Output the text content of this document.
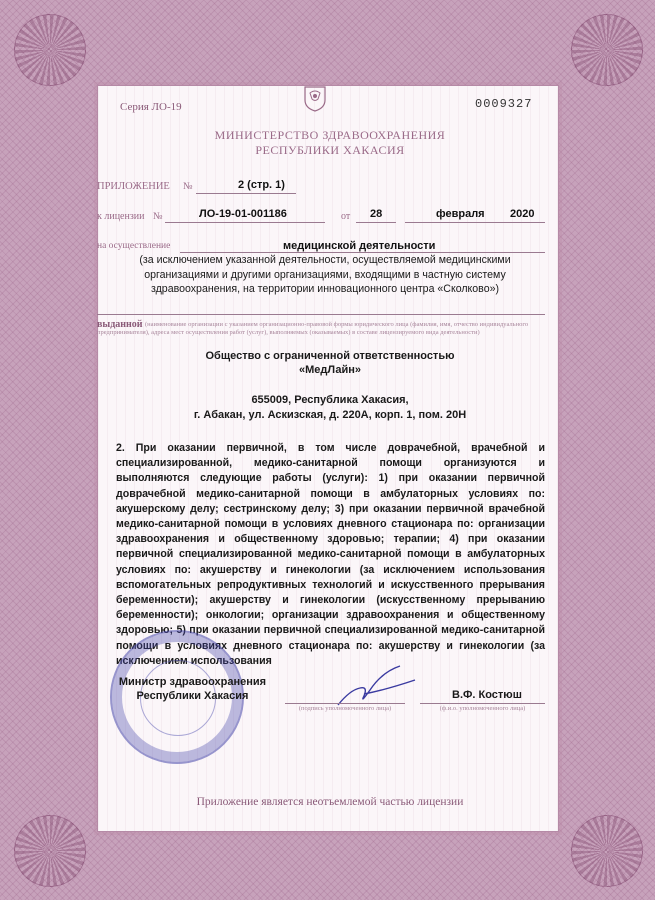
Серия ЛО-19	0009327
МИНИСТЕРСТВО ЗДРАВООХРАНЕНИЯ
РЕСПУБЛИКИ ХАКАСИЯ
ПРИЛОЖЕНИЕ №	2 (стр. 1)
к лицензии №	ЛО-19-01-001186	от 28	февраля 2020
на осуществление	медицинской деятельности
(за исключением указанной деятельности, осуществляемой медицинскими организациями и другими организациями, входящими в частную систему здравоохранения, на территории инновационного центра «Сколково»)
выданной (наименование организации с указанием организационно-правовой формы юридического лица (фамилия, имя, отчество индивидуального предпринимателя), адреса мест осуществления работ (услуг), выполняемых (оказываемых) в составе лицензируемого вида деятельности)
Общество с ограниченной ответственностью
«МедЛайн»
655009, Республика Хакасия,
г. Абакан, ул. Аскизская, д. 220А, корп. 1, пом. 20Н
2. При оказании первичной, в том числе доврачебной, врачебной и специализированной, медико-санитарной помощи организуются и выполняются следующие работы (услуги): 1) при оказании первичной доврачебной медико-санитарной помощи в амбулаторных условиях по: акушерскому делу; сестринскому делу; 3) при оказании первичной врачебной медико-санитарной помощи в условиях дневного стационара по: организации здравоохранения и общественному здоровью; терапии; 4) при оказании первичной специализированной медико-санитарной помощи в амбулаторных условиях по: акушерству и гинекологии (за исключением использования вспомогательных репродуктивных технологий и искусственного прерывания беременности); акушерству и гинекологии (искусственному прерыванию беременности); онкологии; организации здравоохранения и общественному здоровью; 5) при оказании первичной специализированной медико-санитарной помощи в условиях дневного стационара по: акушерству и гинекологии (за исключением использования
Министр здравоохранения
Республики Хакасия
(подпись уполномоченного лица)
В.Ф. Костюш
(ф.и.о. уполномоченного лица)
Приложение является неотъемлемой частью лицензии
